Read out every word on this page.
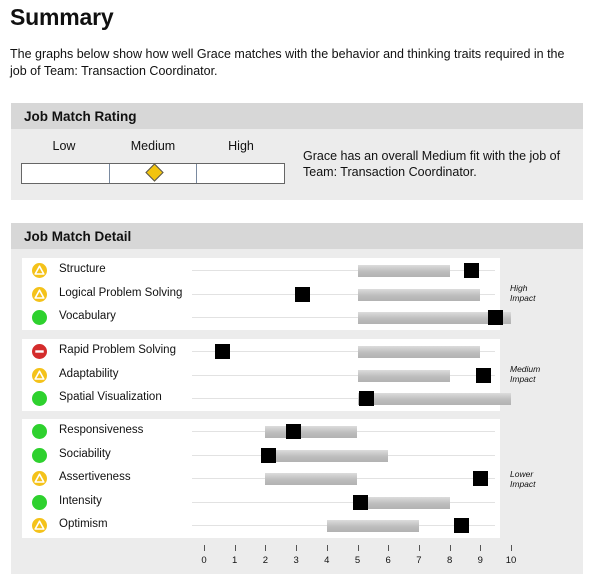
Summary
The graphs below show how well Grace matches with the behavior and thinking traits required in the job of Team: Transaction Coordinator.
Job Match Rating
Low	Medium	High
Grace has an overall Medium fit with the job of Team: Transaction Coordinator.
Job Match Detail
Structure
Logical Problem Solving
Vocabulary
Rapid Problem Solving
Adaptability
Spatial Visualization
Responsiveness
Sociability
Assertiveness
Intensity
Optimism
High
Impact
Medium
Impact
Lower
Impact
0	1	2	3	4	5	6	7	8	9	10
